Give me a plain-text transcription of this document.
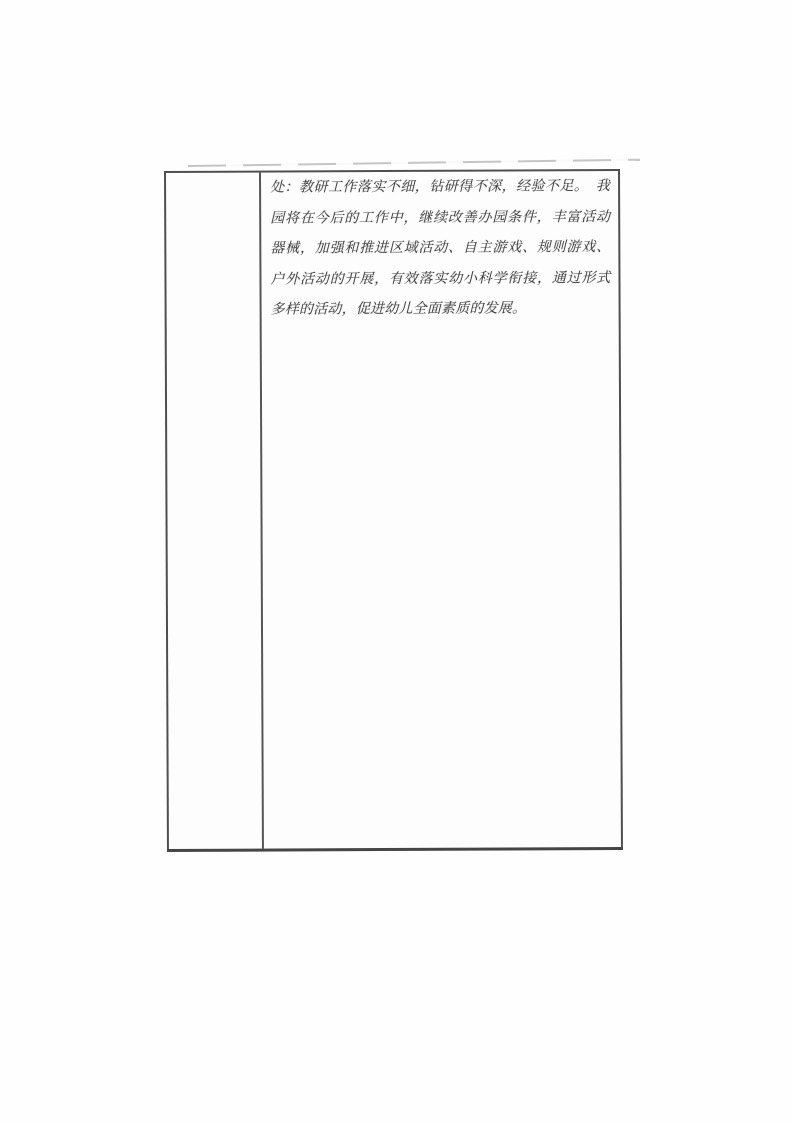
处：教研工作落实不细，钻研得不深，经验不足。　我
园将在今后的工作中，继续改善办园条件，丰富活动
器械，加强和推进区域活动、自主游戏、规则游戏、
户外活动的开展，有效落实幼小科学衔接，通过形式
多样的活动，促进幼儿全面素质的发展。
